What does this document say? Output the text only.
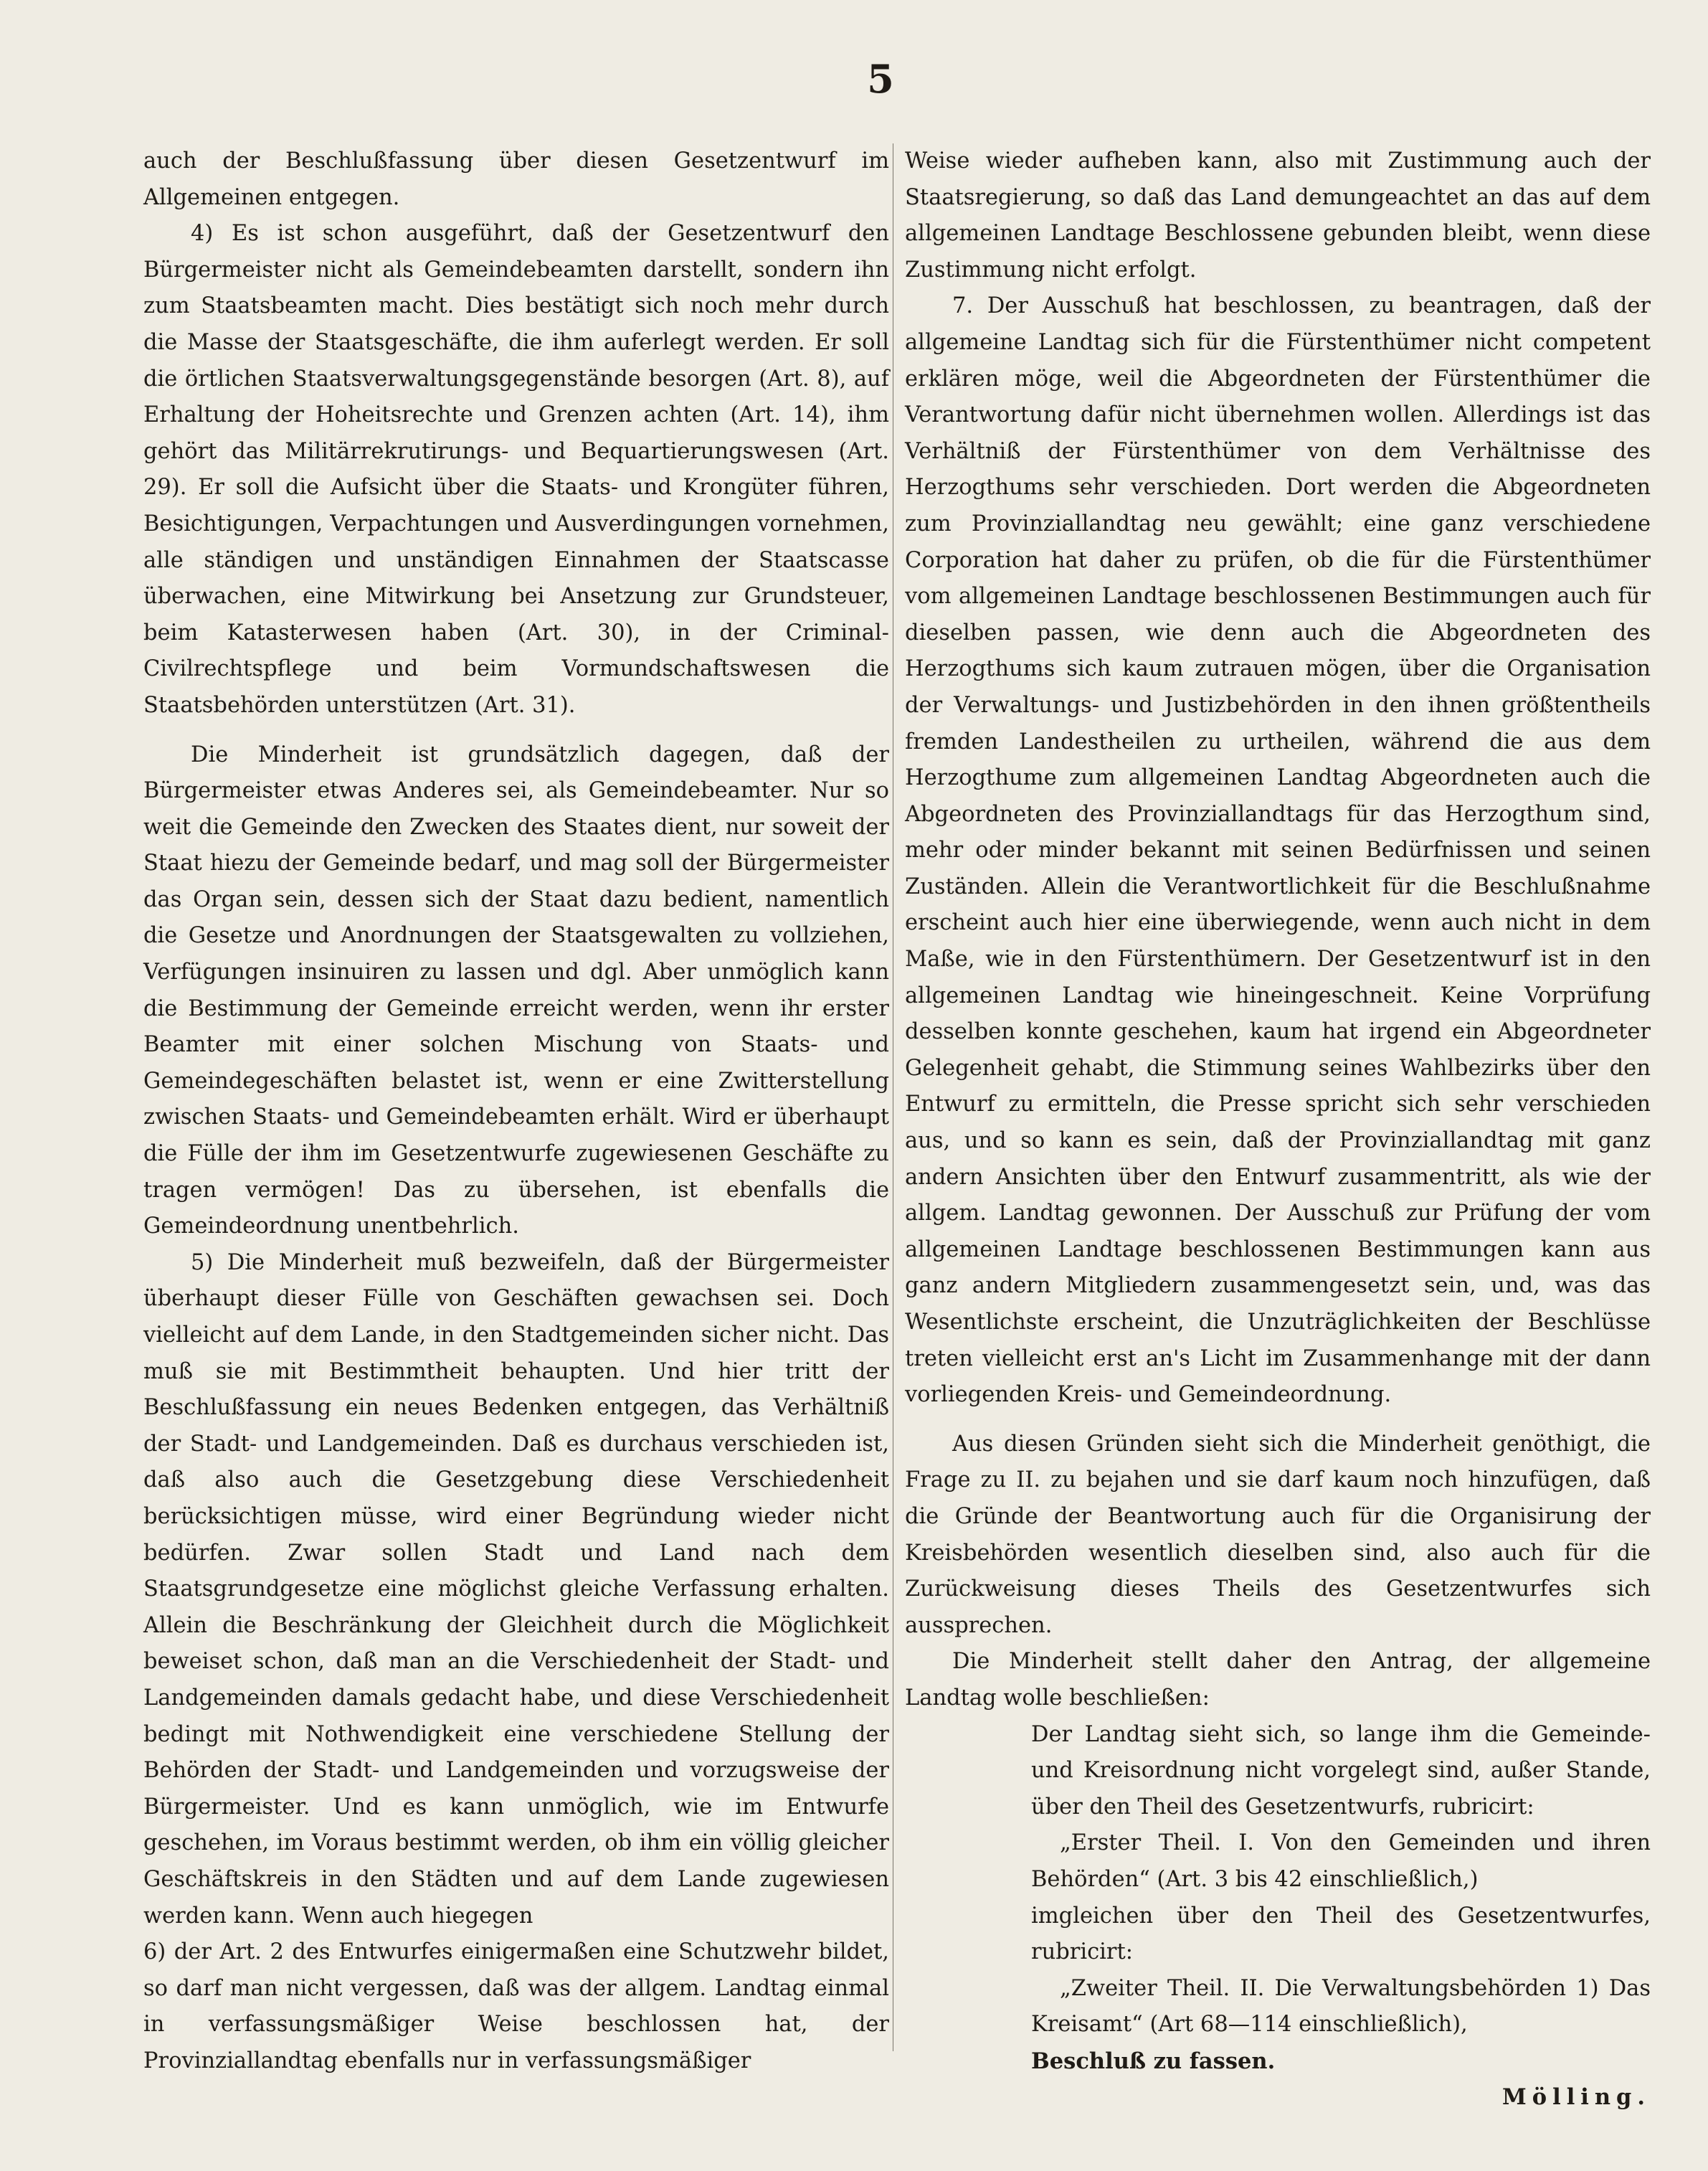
5

auch der Beschlußfassung über diesen Gesetzentwurf im Allgemeinen entgegen.

4) Es ist schon ausgeführt, daß der Gesetzentwurf den Bürgermeister nicht als Gemeindebeamten darstellt, sondern ihn zum Staatsbeamten macht. Dies bestätigt sich noch mehr durch die Masse der Staatsgeschäfte, die ihm auferlegt werden. Er soll die örtlichen Staatsverwaltungsgegenstände besorgen (Art. 8), auf Erhaltung der Hoheitsrechte und Grenzen achten (Art. 14), ihm gehört das Militärrekrutirungs- und Bequartierungswesen (Art. 29). Er soll die Aufsicht über die Staats- und Krongüter führen, Besichtigungen, Verpachtungen und Ausverdingungen vornehmen, alle ständigen und unständigen Einnahmen der Staatscasse überwachen, eine Mitwirkung bei Ansetzung zur Grundsteuer, beim Katasterwesen haben (Art. 30), in der Criminal-Civilrechtspflege und beim Vormundschaftswesen die Staatsbehörden unterstützen (Art. 31).

Die Minderheit ist grundsätzlich dagegen, daß der Bürgermeister etwas Anderes sei, als Gemeindebeamter. Nur so weit die Gemeinde den Zwecken des Staates dient, nur soweit der Staat hiezu der Gemeinde bedarf, und mag soll der Bürgermeister das Organ sein, dessen sich der Staat dazu bedient, namentlich die Gesetze und Anordnungen der Staatsgewalten zu vollziehen, Verfügungen insinuiren zu lassen und dgl. Aber unmöglich kann die Bestimmung der Gemeinde erreicht werden, wenn ihr erster Beamter mit einer solchen Mischung von Staats- und Gemeindegeschäften belastet ist, wenn er eine Zwitterstellung zwischen Staats- und Gemeindebeamten erhält. Wird er überhaupt die Fülle der ihm im Gesetzentwurfe zugewiesenen Geschäfte zu tragen vermögen! Das zu übersehen, ist ebenfalls die Gemeindeordnung unentbehrlich.

5) Die Minderheit muß bezweifeln, daß der Bürgermeister überhaupt dieser Fülle von Geschäften gewachsen sei. Doch vielleicht auf dem Lande, in den Stadtgemeinden sicher nicht. Das muß sie mit Bestimmtheit behaupten. Und hier tritt der Beschlußfassung ein neues Bedenken entgegen, das Verhältniß der Stadt- und Landgemeinden. Daß es durchaus verschieden ist, daß also auch die Gesetzgebung diese Verschiedenheit berücksichtigen müsse, wird einer Begründung wieder nicht bedürfen. Zwar sollen Stadt und Land nach dem Staatsgrundgesetze eine möglichst gleiche Verfassung erhalten. Allein die Beschränkung der Gleichheit durch die Möglichkeit beweiset schon, daß man an die Verschiedenheit der Stadt- und Landgemeinden damals gedacht habe, und diese Verschiedenheit bedingt mit Nothwendigkeit eine verschiedene Stellung der Behörden der Stadt- und Landgemeinden und vorzugsweise der Bürgermeister. Und es kann unmöglich, wie im Entwurfe geschehen, im Voraus bestimmt werden, ob ihm ein völlig gleicher Geschäftskreis in den Städten und auf dem Lande zugewiesen werden kann. Wenn auch hiegegen

6) der Art. 2 des Entwurfes einigermaßen eine Schutzwehr bildet, so darf man nicht vergessen, daß was der allgem. Landtag einmal in verfassungsmäßiger Weise beschlossen hat, der Provinziallandtag ebenfalls nur in verfassungsmäßiger

Weise wieder aufheben kann, also mit Zustimmung auch der Staatsregierung, so daß das Land demungeachtet an das auf dem allgemeinen Landtage Beschlossene gebunden bleibt, wenn diese Zustimmung nicht erfolgt.

7. Der Ausschuß hat beschlossen, zu beantragen, daß der allgemeine Landtag sich für die Fürstenthümer nicht competent erklären möge, weil die Abgeordneten der Fürstenthümer die Verantwortung dafür nicht übernehmen wollen. Allerdings ist das Verhältniß der Fürstenthümer von dem Verhältnisse des Herzogthums sehr verschieden. Dort werden die Abgeordneten zum Provinziallandtag neu gewählt; eine ganz verschiedene Corporation hat daher zu prüfen, ob die für die Fürstenthümer vom allgemeinen Landtage beschlossenen Bestimmungen auch für dieselben passen, wie denn auch die Abgeordneten des Herzogthums sich kaum zutrauen mögen, über die Organisation der Verwaltungs- und Justizbehörden in den ihnen größtentheils fremden Landestheilen zu urtheilen, während die aus dem Herzogthume zum allgemeinen Landtag Abgeordneten auch die Abgeordneten des Provinziallandtags für das Herzogthum sind, mehr oder minder bekannt mit seinen Bedürfnissen und seinen Zuständen. Allein die Verantwortlichkeit für die Beschlußnahme erscheint auch hier eine überwiegende, wenn auch nicht in dem Maße, wie in den Fürstenthümern. Der Gesetzentwurf ist in den allgemeinen Landtag wie hineingeschneit. Keine Vorprüfung desselben konnte geschehen, kaum hat irgend ein Abgeordneter Gelegenheit gehabt, die Stimmung seines Wahlbezirks über den Entwurf zu ermitteln, die Presse spricht sich sehr verschieden aus, und so kann es sein, daß der Provinziallandtag mit ganz andern Ansichten über den Entwurf zusammentritt, als wie der allgem. Landtag gewonnen. Der Ausschuß zur Prüfung der vom allgemeinen Landtage beschlossenen Bestimmungen kann aus ganz andern Mitgliedern zusammengesetzt sein, und, was das Wesentlichste erscheint, die Unzuträglichkeiten der Beschlüsse treten vielleicht erst an's Licht im Zusammenhange mit der dann vorliegenden Kreis- und Gemeindeordnung.

Aus diesen Gründen sieht sich die Minderheit genöthigt, die Frage zu II. zu bejahen und sie darf kaum noch hinzufügen, daß die Gründe der Beantwortung auch für die Organisirung der Kreisbehörden wesentlich dieselben sind, also auch für die Zurückweisung dieses Theils des Gesetzentwurfes sich aussprechen.

Die Minderheit stellt daher den Antrag, der allgemeine Landtag wolle beschließen:

Der Landtag sieht sich, so lange ihm die Gemeinde- und Kreisordnung nicht vorgelegt sind, außer Stande, über den Theil des Gesetzentwurfs, rubricirt:

„Erster Theil. I. Von den Gemeinden und ihren Behörden“ (Art. 3 bis 42 einschließlich,)

imgleichen über den Theil des Gesetzentwurfes, rubricirt:

„Zweiter Theil. II. Die Verwaltungsbehörden 1) Das Kreisamt“ (Art 68—114 einschließlich),

Beschluß zu fassen.

Mölling.
